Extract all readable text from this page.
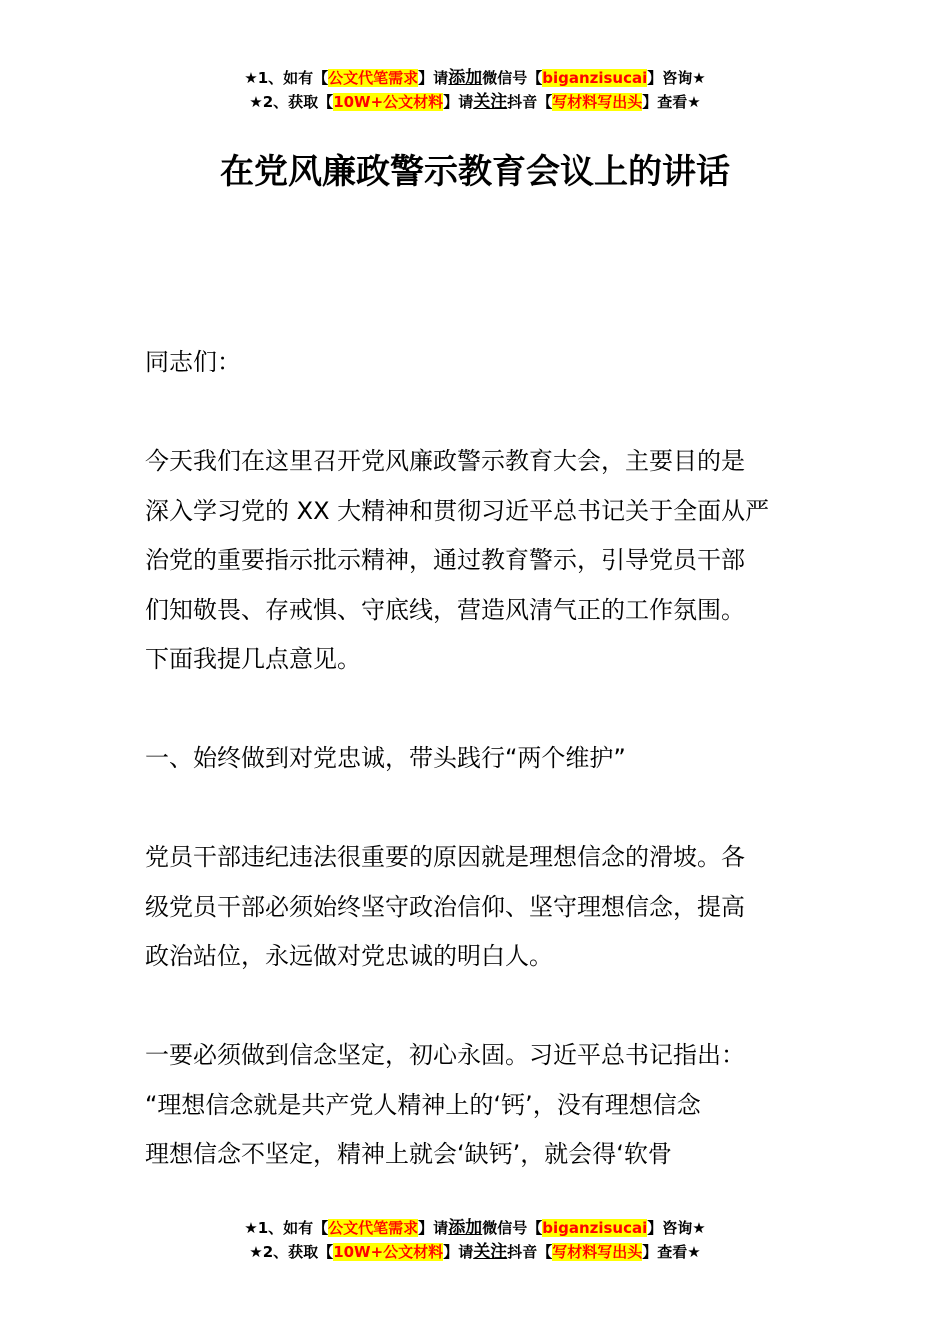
★1、如有【公文代笔需求】请添加微信号【biganzisucai】咨询★
★2、获取【10W+公文材料】请关注抖音【写材料写出头】查看★
在党风廉政警示教育会议上的讲话

同志们：

今天我们在这里召开党风廉政警示教育大会，主要目的是

深入学习党的 XX 大精神和贯彻习近平总书记关于全面从严

治党的重要指示批示精神，通过教育警示，引导党员干部

们知敬畏、存戒惧、守底线，营造风清气正的工作氛围。

下面我提几点意见。

一、始终做到对党忠诚，带头践行“两个维护”

党员干部违纪违法很重要的原因就是理想信念的滑坡。各

级党员干部必须始终坚守政治信仰、坚守理想信念，提高

政治站位，永远做对党忠诚的明白人。

一要必须做到信念坚定，初心永固。习近平总书记指出：

“理想信念就是共产党人精神上的‘钙’，没有理想信念

理想信念不坚定，精神上就会‘缺钙’，就会得‘软骨

★1、如有【公文代笔需求】请添加微信号【biganzisucai】咨询★
★2、获取【10W+公文材料】请关注抖音【写材料写出头】查看★
